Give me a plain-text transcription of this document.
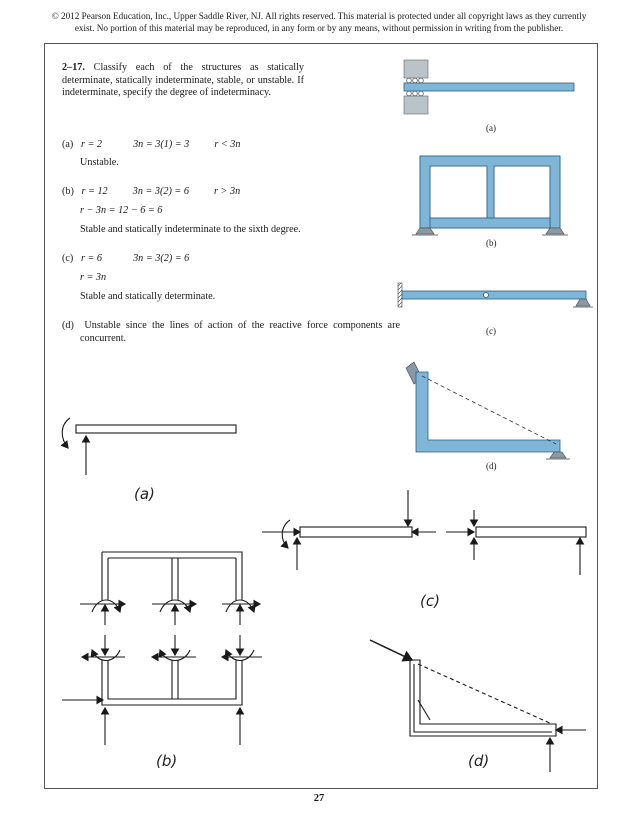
© 2012 Pearson Education, Inc., Upper Saddle River, NJ. All rights reserved. This material is protected under all copyright laws as they currently
exist. No portion of this material may be reproduced, in any form or by any means, without permission in writing from the publisher.
2–17. Classify each of the structures as statically determinate, statically indeterminate, stable, or unstable. If indeterminate, specify the degree of indeterminacy.
(a) r = 2	3n = 3(1) = 3 r < 3n
Unstable.
(b) r = 12 3n = 3(2) = 6 r > 3n
r − 3n = 12 − 6 = 6
Stable and statically indeterminate to the sixth degree.
(c) r = 6	3n = 3(2) = 6
r = 3n
Stable and statically determinate.
(d) Unstable since the lines of action of the reactive force components are concurrent.
(a)
(b)
(c)
(d)
(a)
(b)
(c)
(d)
27
